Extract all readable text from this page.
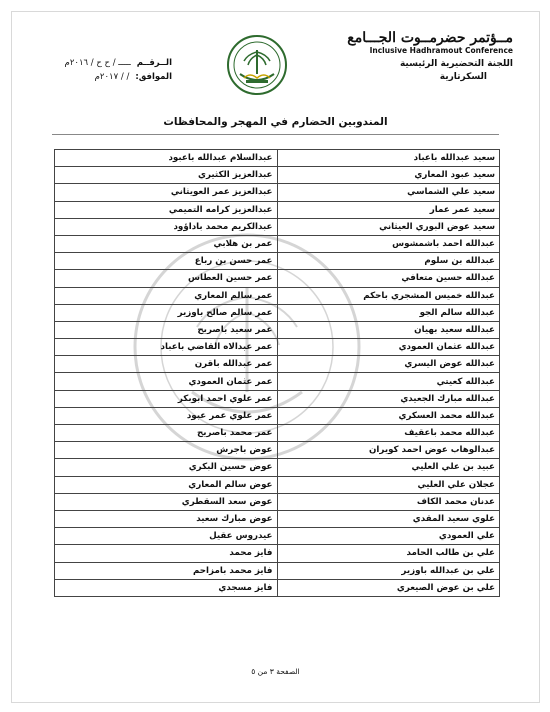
مــؤتمر حضرمــوت الجـــامع
Inclusive Hadhramout Conference
اللجنة التحضيرية الرئيسية
السكرتارية
الــرقــم
ـــــ / ح ح / ٢٠١٦م
الموافق:
/ / ٢٠١٧م
المندوبين الحضارم في المهجر والمحافظات
سعيد عبدالله باعباد	عبدالسلام عبدالله باعبود
سعيد عبود المعاري	عبدالعزيز الكثيري
سعيد علي الشماسي	عبدالعزيز عمر العويثاني
سعيد عمر عمار	عبدالعزيز كرامه التميمي
سعيد عوض البوري العيثاني	عبدالكريم محمد باداؤود
عبدالله احمد باشمشوس	عمر بن هلابي
عبدالله بن سلوم	عمر حسن بن رباع
عبدالله حسين متعافي	عمر حسين العطاس
عبدالله خميس المشجري باحكم	عمر سالم المعاري
عبدالله سالم الجو	عمر سالم صالح باوزير
عبدالله سعيد بهيان	عمر سعيد باصريح
عبدالله عثمان العمودي	عمر عبدالاه القاضي باعباد
عبدالله عوض اليسري	عمر عبدالله باقرن
عبدالله كعيتي	عمر عثمان العمودي
عبدالله مبارك الجعيدي	عمر علوي احمد ابوبكر
عبدالله محمد العسكري	عمر علوي عمر عبود
عبدالله محمد باعقيف	عمر محمد باصريح
عبدالوهاب عوض احمد كويران	عوض باجرش
عبيد بن علي العليي	عوض حسين البكري
عجلان علي العليي	عوض سالم المعاري
عدنان محمد الكاف	عوض سعد السقطري
علوي سعيد المقدي	عوض مبارك سعيد
علي العمودي	عيدروس عقيل
علي بن طالب الحامد	فايز محمد
علي بن عبدالله باوزير	فايز محمد بامزاحم
علي بن عوض الصيعري	فايز مسجدي
الصفحة ٣ من ٥
